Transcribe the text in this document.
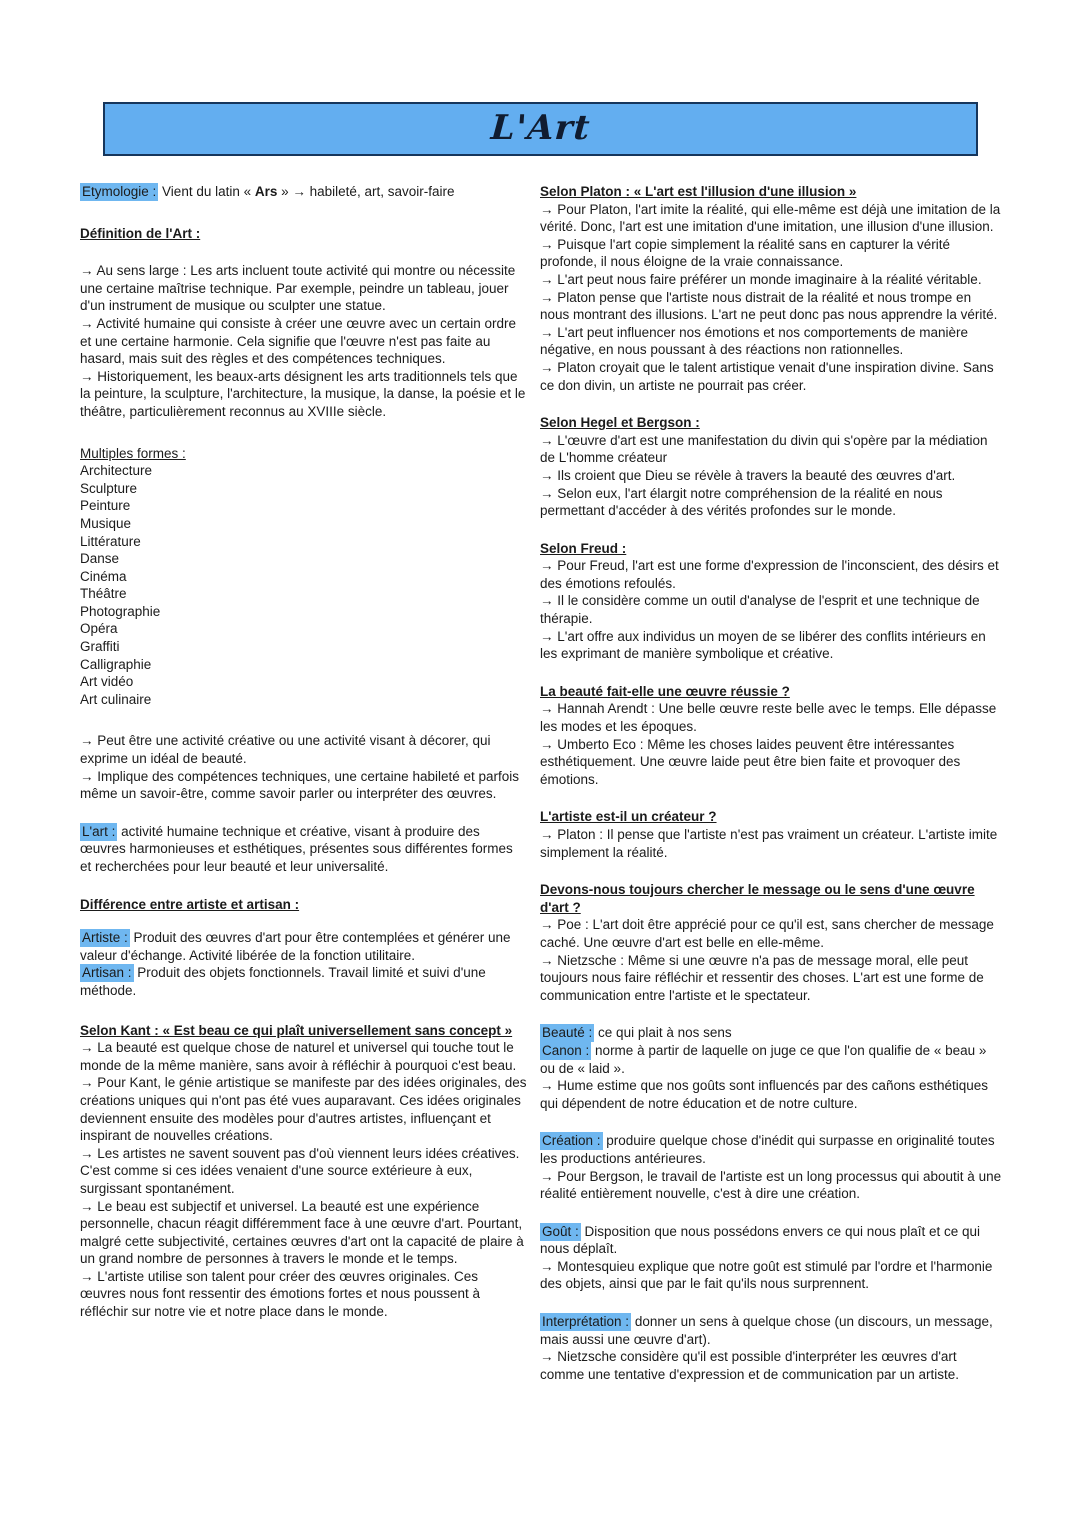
L'Art
Etymologie : Vient du latin « Ars » → habileté, art, savoir-faire
Définition de l'Art :
→ Au sens large : Les arts incluent toute activité qui montre ou nécessite une certaine maîtrise technique. Par exemple, peindre un tableau, jouer d'un instrument de musique ou sculpter une statue.
→ Activité humaine qui consiste à créer une œuvre avec un certain ordre et une certaine harmonie. Cela signifie que l'œuvre n'est pas faite au hasard, mais suit des règles et des compétences techniques.
→ Historiquement, les beaux-arts désignent les arts traditionnels tels que la peinture, la sculpture, l'architecture, la musique, la danse, la poésie et le théâtre, particulièrement reconnus au XVIIIe siècle.
Multiples formes :
Architecture
Sculpture
Peinture
Musique
Littérature
Danse
Cinéma
Théâtre
Photographie
Opéra
Graffiti
Calligraphie
Art vidéo
Art culinaire
→ Peut être une activité créative ou une activité visant à décorer, qui exprime un idéal de beauté.
→ Implique des compétences techniques, une certaine habileté et parfois même un savoir-être, comme savoir parler ou interpréter des œuvres.
L'art : activité humaine technique et créative, visant à produire des œuvres harmonieuses et esthétiques, présentes sous différentes formes et recherchées pour leur beauté et leur universalité.
Différence entre artiste et artisan :
Artiste : Produit des œuvres d'art pour être contemplées et générer une valeur d'échange. Activité libérée de la fonction utilitaire.
Artisan : Produit des objets fonctionnels. Travail limité et suivi d'une méthode.
Selon Kant : « Est beau ce qui plaît universellement sans concept »
→ La beauté est quelque chose de naturel et universel qui touche tout le monde de la même manière, sans avoir à réfléchir à pourquoi c'est beau.
→ Pour Kant, le génie artistique se manifeste par des idées originales, des créations uniques qui n'ont pas été vues auparavant. Ces idées originales deviennent ensuite des modèles pour d'autres artistes, influençant et inspirant de nouvelles créations.
→ Les artistes ne savent souvent pas d'où viennent leurs idées créatives. C'est comme si ces idées venaient d'une source extérieure à eux, surgissant spontanément.
→ Le beau est subjectif et universel. La beauté est une expérience personnelle, chacun réagit différemment face à une œuvre d'art. Pourtant, malgré cette subjectivité, certaines œuvres d'art ont la capacité de plaire à un grand nombre de personnes à travers le monde et le temps.
→ L'artiste utilise son talent pour créer des œuvres originales. Ces œuvres nous font ressentir des émotions fortes et nous poussent à réfléchir sur notre vie et notre place dans le monde.
Selon Platon : « L'art est l'illusion d'une illusion »
→ Pour Platon, l'art imite la réalité, qui elle-même est déjà une imitation de la vérité. Donc, l'art est une imitation d'une imitation, une illusion d'une illusion.
→ Puisque l'art copie simplement la réalité sans en capturer la vérité profonde, il nous éloigne de la vraie connaissance.
→ L'art peut nous faire préférer un monde imaginaire à la réalité véritable.
→ Platon pense que l'artiste nous distrait de la réalité et nous trompe en nous montrant des illusions. L'art ne peut donc pas nous apprendre la vérité.
→ L'art peut influencer nos émotions et nos comportements de manière négative, en nous poussant à des réactions non rationnelles.
→ Platon croyait que le talent artistique venait d'une inspiration divine. Sans ce don divin, un artiste ne pourrait pas créer.
Selon Hegel et Bergson :
→ L'œuvre d'art est une manifestation du divin qui s'opère par la médiation de L'homme créateur
→ Ils croient que Dieu se révèle à travers la beauté des œuvres d'art.
→ Selon eux, l'art élargit notre compréhension de la réalité en nous permettant d'accéder à des vérités profondes sur le monde.
Selon Freud :
→ Pour Freud, l'art est une forme d'expression de l'inconscient, des désirs et des émotions refoulés.
→ Il le considère comme un outil d'analyse de l'esprit et une technique de thérapie.
→ L'art offre aux individus un moyen de se libérer des conflits intérieurs en les exprimant de manière symbolique et créative.
La beauté fait-elle une œuvre réussie ?
→ Hannah Arendt : Une belle œuvre reste belle avec le temps. Elle dépasse les modes et les époques.
→ Umberto Eco : Même les choses laides peuvent être intéressantes esthétiquement. Une œuvre laide peut être bien faite et provoquer des émotions.
L'artiste est-il un créateur ?
→ Platon : Il pense que l'artiste n'est pas vraiment un créateur. L'artiste imite simplement la réalité.
Devons-nous toujours chercher le message ou le sens d'une œuvre d'art ?
→ Poe : L'art doit être apprécié pour ce qu'il est, sans chercher de message caché. Une œuvre d'art est belle en elle-même.
→ Nietzsche : Même si une œuvre n'a pas de message moral, elle peut toujours nous faire réfléchir et ressentir des choses. L'art est une forme de communication entre l'artiste et le spectateur.
Beauté : ce qui plait à nos sens
Canon : norme à partir de laquelle on juge ce que l'on qualifie de « beau » ou de « laid ».
→ Hume estime que nos goûts sont influencés par des cañons esthétiques qui dépendent de notre éducation et de notre culture.
Création : produire quelque chose d'inédit qui surpasse en originalité toutes les productions antérieures.
→ Pour Bergson, le travail de l'artiste est un long processus qui aboutit à une réalité entièrement nouvelle, c'est à dire une création.
Goût : Disposition que nous possédons envers ce qui nous plaît et ce qui nous déplaît.
→ Montesquieu explique que notre goût est stimulé par l'ordre et l'harmonie des objets, ainsi que par le fait qu'ils nous surprennent.
Interprétation : donner un sens à quelque chose (un discours, un message, mais aussi une œuvre d'art).
→ Nietzsche considère qu'il est possible d'interpréter les œuvres d'art comme une tentative d'expression et de communication par un artiste.
